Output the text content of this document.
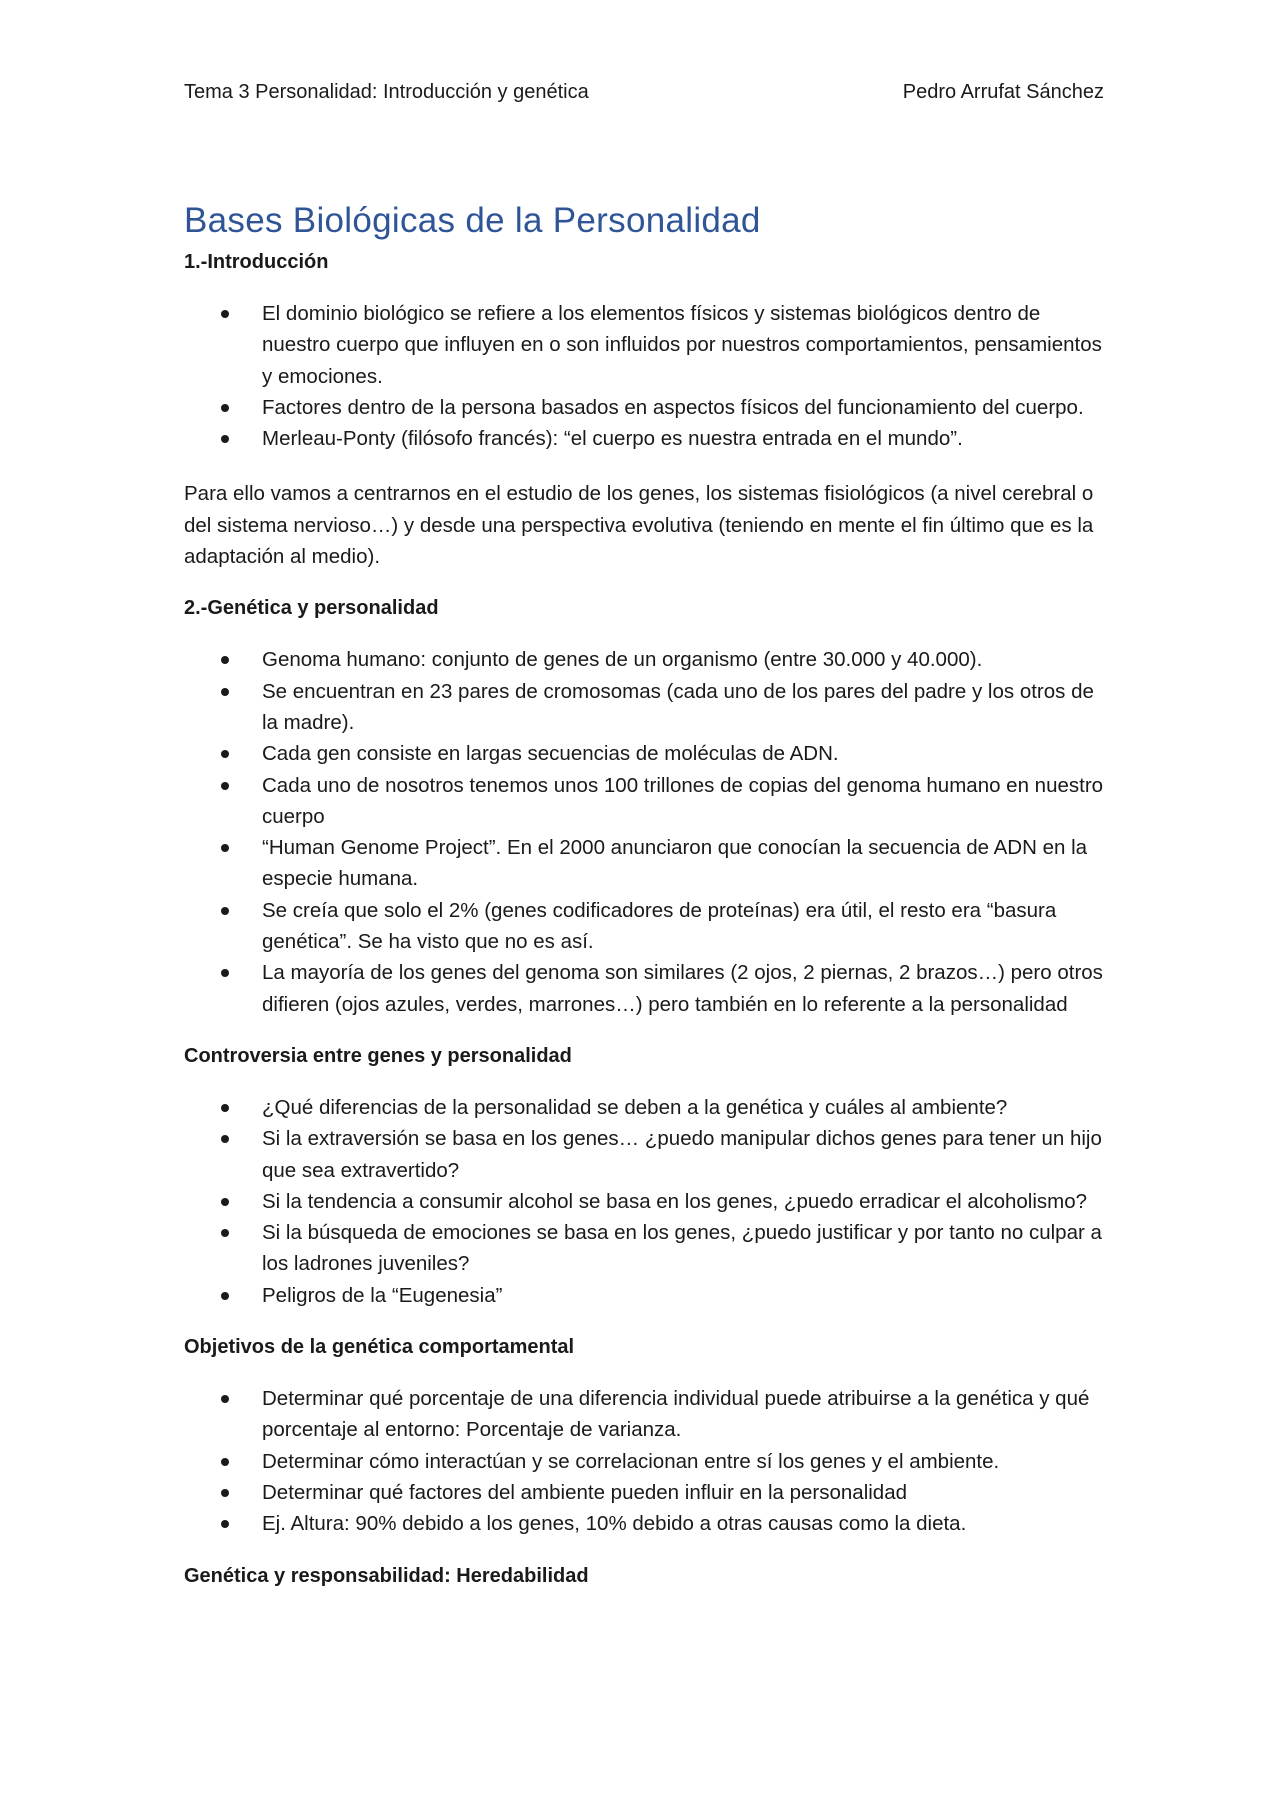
Tema 3 Personalidad: Introducción y genética	Pedro Arrufat Sánchez
Bases Biológicas de la Personalidad
1.-Introducción
El dominio biológico se refiere a los elementos físicos y sistemas biológicos dentro de nuestro cuerpo que influyen en o son influidos por nuestros comportamientos, pensamientos y emociones.
Factores dentro de la persona basados en aspectos físicos del funcionamiento del cuerpo.
Merleau-Ponty (filósofo francés): “el cuerpo es nuestra entrada en el mundo”.

Para ello vamos a centrarnos en el estudio de los genes, los sistemas fisiológicos (a nivel cerebral o del sistema nervioso…) y desde una perspectiva evolutiva (teniendo en mente el fin último que es la adaptación al medio).

2.-Genética y personalidad
Genoma humano: conjunto de genes de un organismo (entre 30.000 y 40.000).
Se encuentran en 23 pares de cromosomas (cada uno de los pares del padre y los otros de la madre).
Cada gen consiste en largas secuencias de moléculas de ADN.
Cada uno de nosotros tenemos unos 100 trillones de copias del genoma humano en nuestro cuerpo
“Human Genome Project”. En el 2000 anunciaron que conocían la secuencia de ADN en la especie humana.
Se creía que solo el 2% (genes codificadores de proteínas) era útil, el resto era “basura genética”. Se ha visto que no es así.
La mayoría de los genes del genoma son similares (2 ojos, 2 piernas, 2 brazos…) pero otros difieren (ojos azules, verdes, marrones…) pero también en lo referente a la personalidad
Controversia entre genes y personalidad
¿Qué diferencias de la personalidad se deben a la genética y cuáles al ambiente?
Si la extraversión se basa en los genes… ¿puedo manipular dichos genes para tener un hijo que sea extravertido?
Si la tendencia a consumir alcohol se basa en los genes, ¿puedo erradicar el alcoholismo?
Si la búsqueda de emociones se basa en los genes, ¿puedo justificar y por tanto no culpar a los ladrones juveniles?
Peligros de la “Eugenesia”
Objetivos de la genética comportamental
Determinar qué porcentaje de una diferencia individual puede atribuirse a la genética y qué porcentaje al entorno: Porcentaje de varianza.
Determinar cómo interactúan y se correlacionan entre sí los genes y el ambiente.
Determinar qué factores del ambiente pueden influir en la personalidad
Ej. Altura: 90% debido a los genes, 10% debido a otras causas como la dieta.
Genética y responsabilidad: Heredabilidad
